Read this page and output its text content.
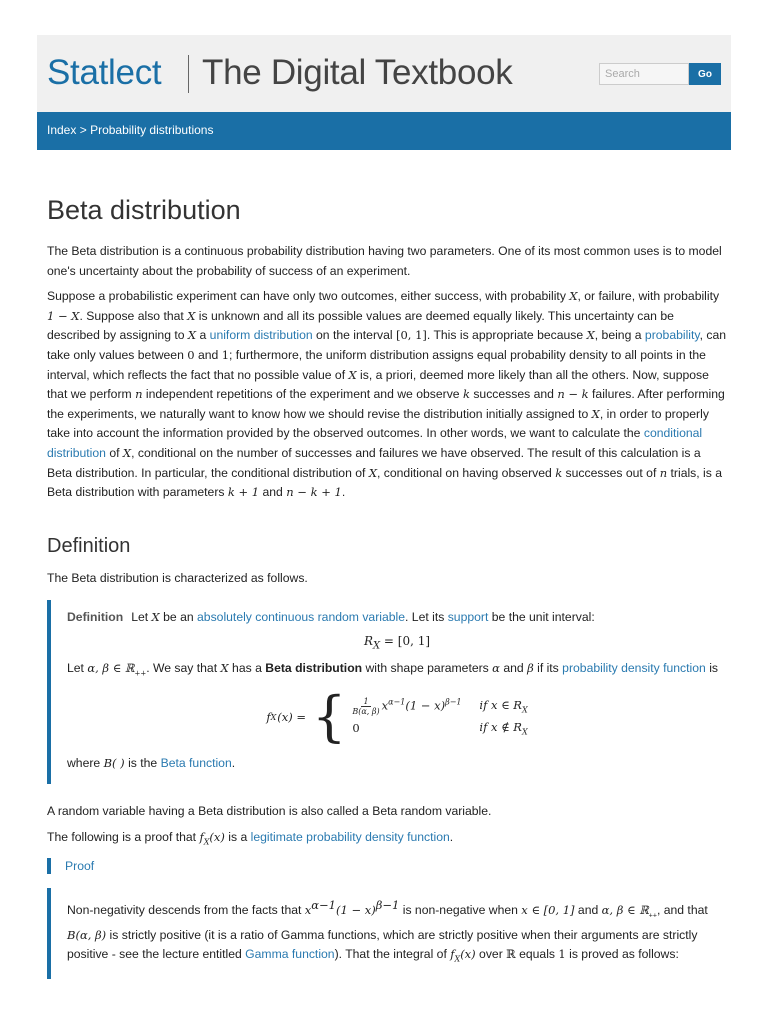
Statlect The Digital Textbook
Search	Go
Index > Probability distributions
Beta distribution

The Beta distribution is a continuous probability distribution having two parameters. One of its most common uses is to model one's uncertainty about the probability of success of an experiment.

Suppose a probabilistic experiment can have only two outcomes, either success, with probability X, or failure, with probability 1 − X. Suppose also that X is unknown and all its possible values are deemed equally likely. This uncertainty can be described by assigning to X a uniform distribution on the interval [0, 1]. This is appropriate because X, being a probability, can take only values between 0 and 1; furthermore, the uniform distribution assigns equal probability density to all points in the interval, which reflects the fact that no possible value of X is, a priori, deemed more likely than all the others. Now, suppose that we perform n independent repetitions of the experiment and we observe k successes and n − k failures. After performing the experiments, we naturally want to know how we should revise the distribution initially assigned to X, in order to properly take into account the information provided by the observed outcomes. In other words, we want to calculate the conditional distribution of X, conditional on the number of successes and failures we have observed. The result of this calculation is a Beta distribution. In particular, the conditional distribution of X, conditional on having observed k successes out of n trials, is a Beta distribution with parameters k + 1 and n − k + 1.

Definition

The Beta distribution is characterized as follows.

Definition Let X be an absolutely continuous random variable. Let its support be the unit interval:

$R_X = [0$, 1]

Let α, β ∈ ℝ$_{++}$. We say that X has a Beta distribution with shape parameters α and β if its probability density function is

f X (x) = { $\frac{1}{B(\alpha, \beta)} x^{\alpha-1}(1 - x)^{\beta-1}$	if x ∈ $R_X$
0	if x ∉ $R_X$

where B( ) is the Beta function.

A random variable having a Beta distribution is also called a Beta random variable.

The following is a proof that $f_X(x)$ is a legitimate probability density function.

Proof

Non-negativity descends from the facts that $x^{\alpha-1}(1 - x)^{\beta-1}$ is non-negative when x ∈ [0, 1] and α, β ∈ ℝ$_{++}$, and that B(α, β) is strictly positive (it is a ratio of Gamma functions, which are strictly positive when their arguments are strictly positive - see the lecture entitled Gamma function). That the integral of $f_X(x)$ over ℝ equals 1 is proved as follows:
